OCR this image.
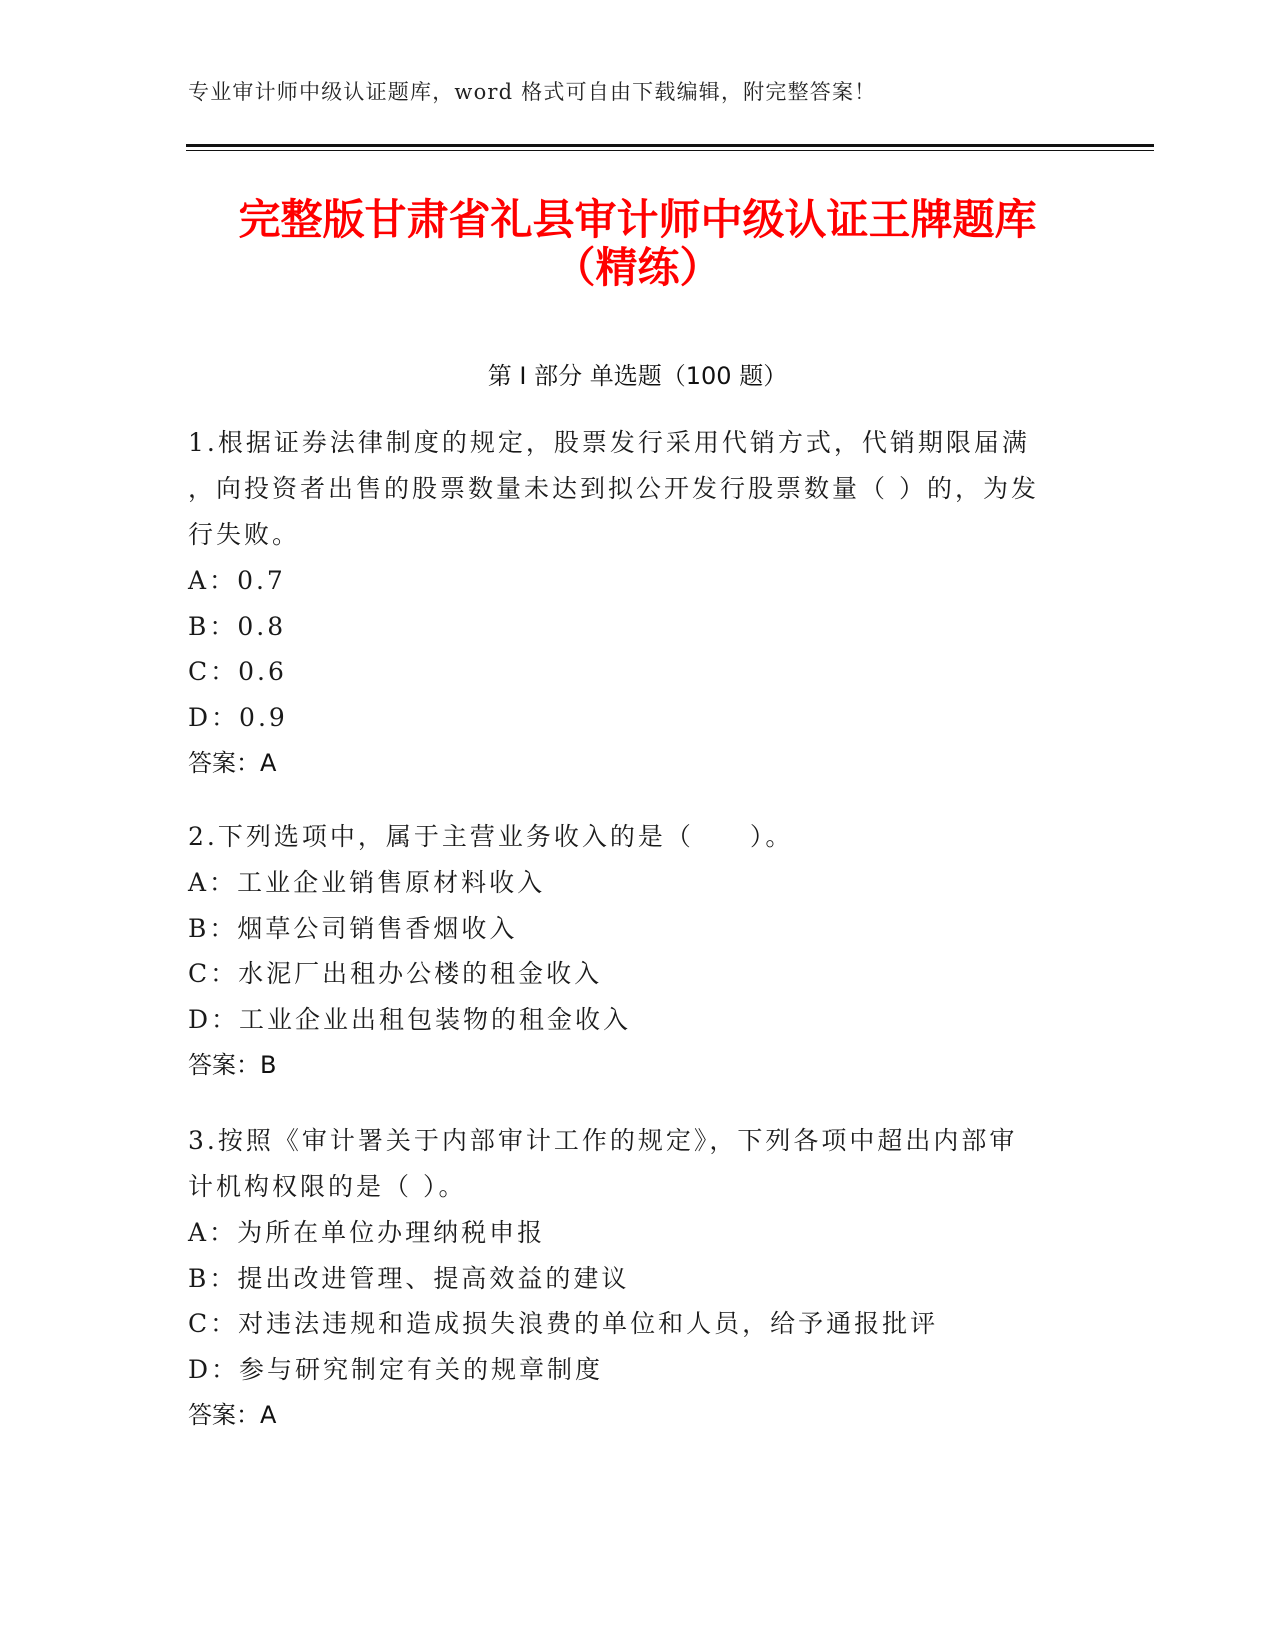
专业审计师中级认证题库，word 格式可自由下载编辑，附完整答案！
完整版甘肃省礼县审计师中级认证王牌题库
（精练）
第 I 部分 单选题（100 题）
1.根据证券法律制度的规定，股票发行采用代销方式，代销期限届满
，向投资者出售的股票数量未达到拟公开发行股票数量（ ）的，为发
行失败。
A： 0.7
B： 0.8
C： 0.6
D： 0.9
答案：A
2.下列选项中，属于主营业务收入的是（　　）。
A： 工业企业销售原材料收入
B： 烟草公司销售香烟收入
C： 水泥厂出租办公楼的租金收入
D： 工业企业出租包装物的租金收入
答案：B
3.按照《审计署关于内部审计工作的规定》，下列各项中超出内部审
计机构权限的是（ ）。
A： 为所在单位办理纳税申报
B： 提出改进管理、提高效益的建议
C： 对违法违规和造成损失浪费的单位和人员，给予通报批评
D： 参与研究制定有关的规章制度
答案：A
